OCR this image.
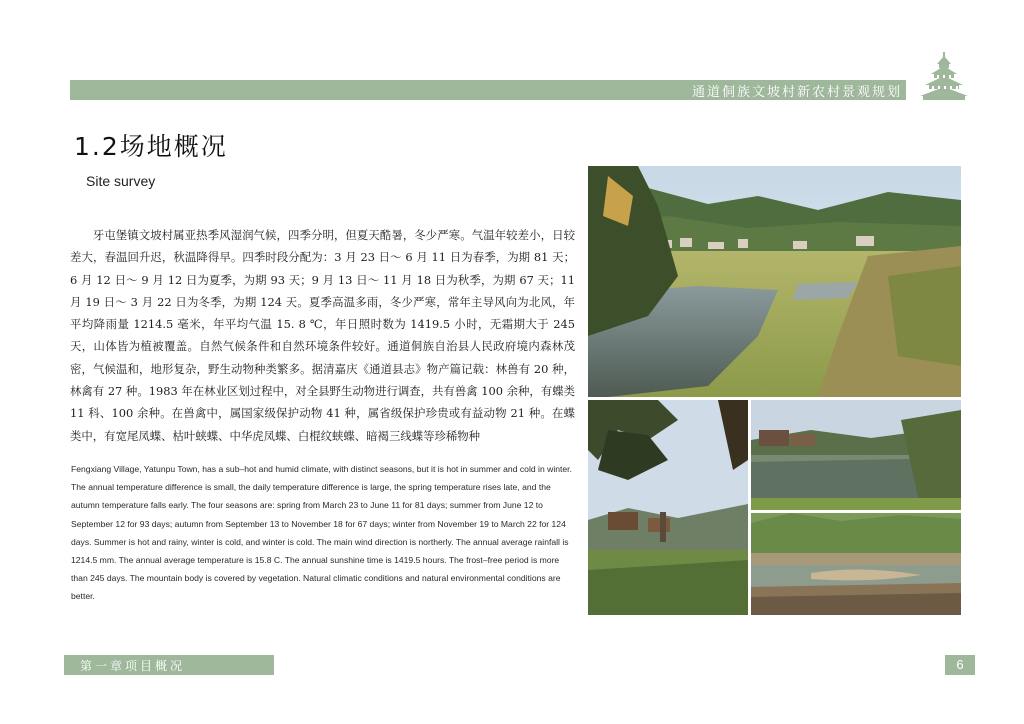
通道侗族文坡村新农村景观规划
1.2场地概况
Site survey

牙屯堡镇文坡村属亚热季风湿润气候，四季分明，但夏天酷暑，冬少严寒。气温年较差小，日较差大，春温回升迟，秋温降得早。四季时段分配为：3 月 23 日～ 6 月 11 日为春季，为期 81 天；6 月 12 日～ 9 月 12 日为夏季，为期 93 天；9 月 13 日～ 11 月 18 日为秋季，为期 67 天；11 月 19 日～ 3 月 22 日为冬季，为期 124 天。夏季高温多雨，冬少严寒，常年主导风向为北风，年平均降雨量 1214.5 毫米，年平均气温 15. 8 ℃，年日照时数为 1419.5 小时，无霜期大于 245 天，山体皆为植被覆盖。自然气候条件和自然环境条件较好。通道侗族自治县人民政府境内森林茂密，气候温和，地形复杂，野生动物种类繁多。据清嘉庆《通道县志》物产篇记载：林兽有 20 种，林禽有 27 种。1983 年在林业区划过程中，对全县野生动物进行调查，共有兽禽 100 余种，有蝶类 11 科、100 余种。在兽禽中，属国家级保护动物 41 种，属省级保护珍贵或有益动物 21 种。在蝶类中，有宽尾凤蝶、枯叶蛱蝶、中华虎凤蝶、白棍纹蛱蝶、暗褐三线蝶等珍稀物种

Fengxiang Village, Yatunpu Town, has a sub–hot and humid climate, with distinct seasons, but it is hot in summer and cold in winter. The annual temperature difference is small, the daily temperature difference is large, the spring temperature rises late, and the autumn temperature falls early. The four seasons are: spring from March 23 to June 11 for 81 days; summer from June 12 to September 12 for 93 days; autumn from September 13 to November 18 for 67 days; winter from November 19 to March 22 for 124 days. Summer is hot and rainy, winter is cold, and winter is cold. The main wind direction is northerly. The annual average rainfall is 1214.5 mm. The annual average temperature is 15.8 C. The annual sunshine time is 1419.5 hours. The frost–free period is more than 245 days. The mountain body is covered by vegetation. Natural climatic conditions and natural environmental conditions are better.

第一章项目概况	6
